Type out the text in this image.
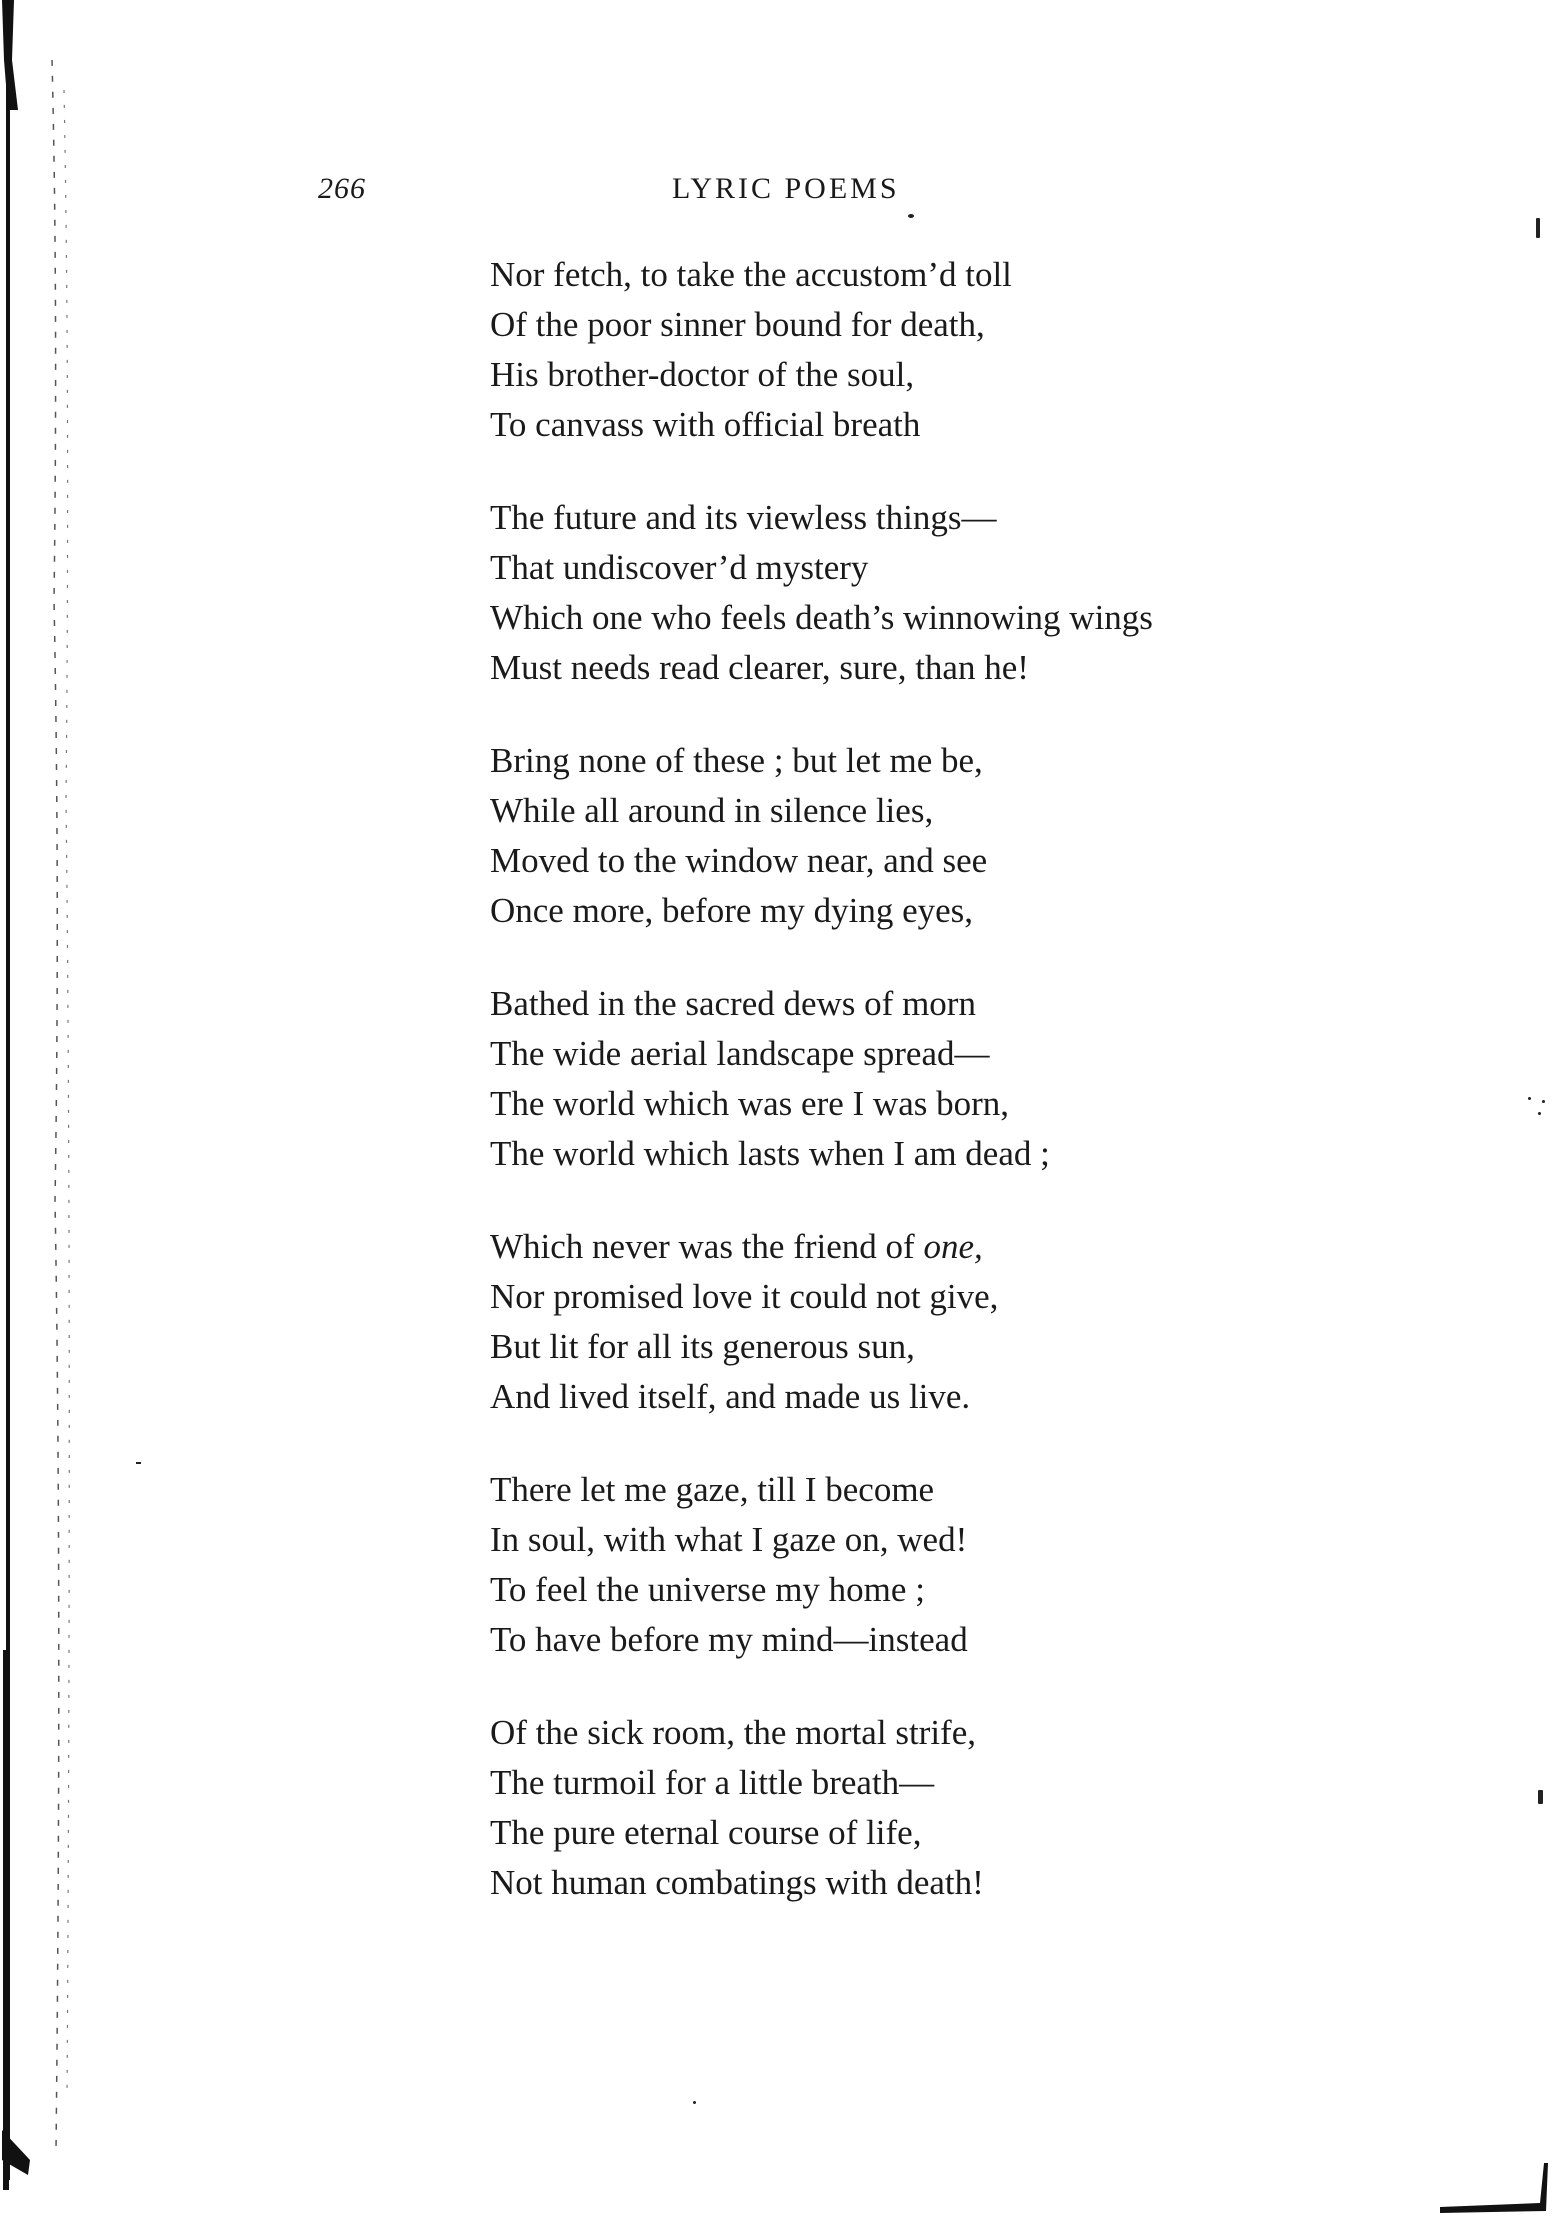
266	LYRIC POEMS
Nor fetch, to take the accustom’d toll
Of the poor sinner bound for death,
His brother-doctor of the soul,
To canvass with official breath
The future and its viewless things—
That undiscover’d mystery
Which one who feels death’s winnowing wings
Must needs read clearer, sure, than he!
Bring none of these ; but let me be,
While all around in silence lies,
Moved to the window near, and see
Once more, before my dying eyes,
Bathed in the sacred dews of morn
The wide aerial landscape spread—
The world which was ere I was born,
The world which lasts when I am dead ;
Which never was the friend of one,
Nor promised love it could not give,
But lit for all its generous sun,
And lived itself, and made us live.
There let me gaze, till I become
In soul, with what I gaze on, wed!
To feel the universe my home ;
To have before my mind—instead
Of the sick room, the mortal strife,
The turmoil for a little breath—
The pure eternal course of life,
Not human combatings with death!
